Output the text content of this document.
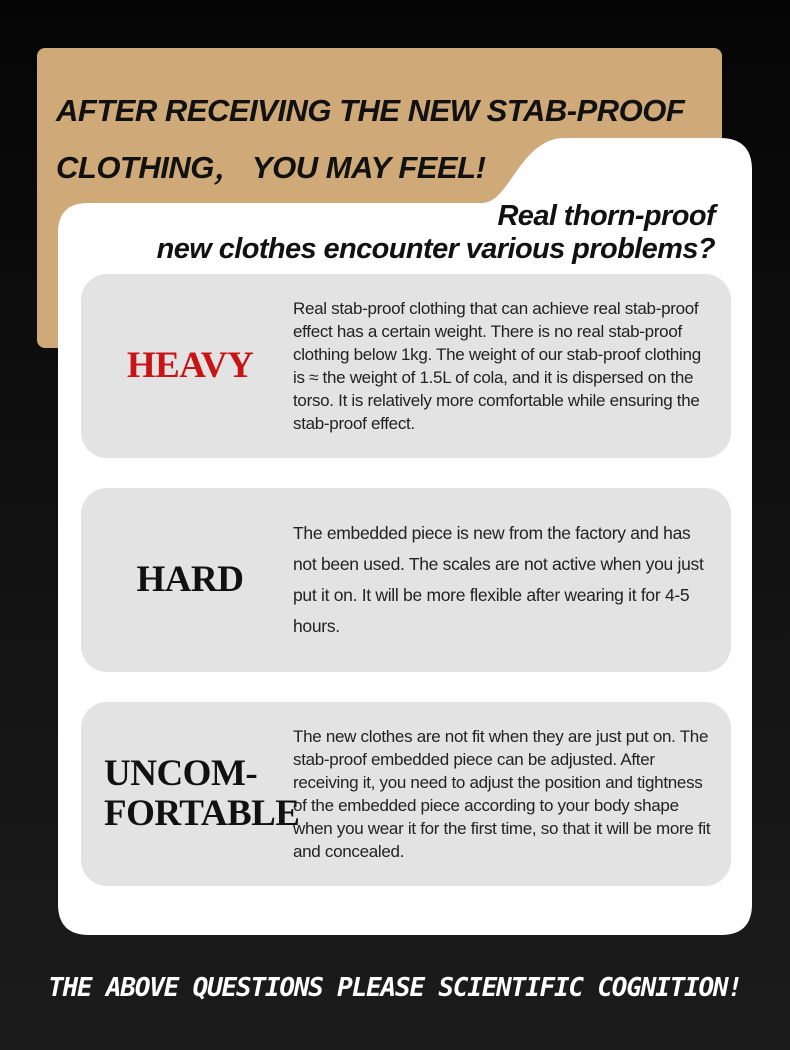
AFTER RECEIVING THE NEW STAB-PROOF
CLOTHING， YOU MAY FEEL!
Real thorn-proof
new clothes encounter various problems?
HEAVY

Real stab-proof clothing that can achieve real stab-proof effect has a certain weight. There is no real stab-proof clothing below 1kg. The weight of our stab-proof clothing is ≈ the weight of 1.5L of cola, and it is dispersed on the torso. It is relatively more comfortable while ensuring the stab-proof effect.

HARD

The embedded piece is new from the factory and has not been used. The scales are not active when you just put it on. It will be more flexible after wearing it for 4-5 hours.

UNCOM-
FORTABLE

The new clothes are not fit when they are just put on. The stab-proof embedded piece can be adjusted. After receiving it, you need to adjust the position and tightness of the embedded piece according to your body shape when you wear it for the first time, so that it will be more fit and concealed.

THE ABOVE QUESTIONS PLEASE SCIENTIFIC COGNITION!
